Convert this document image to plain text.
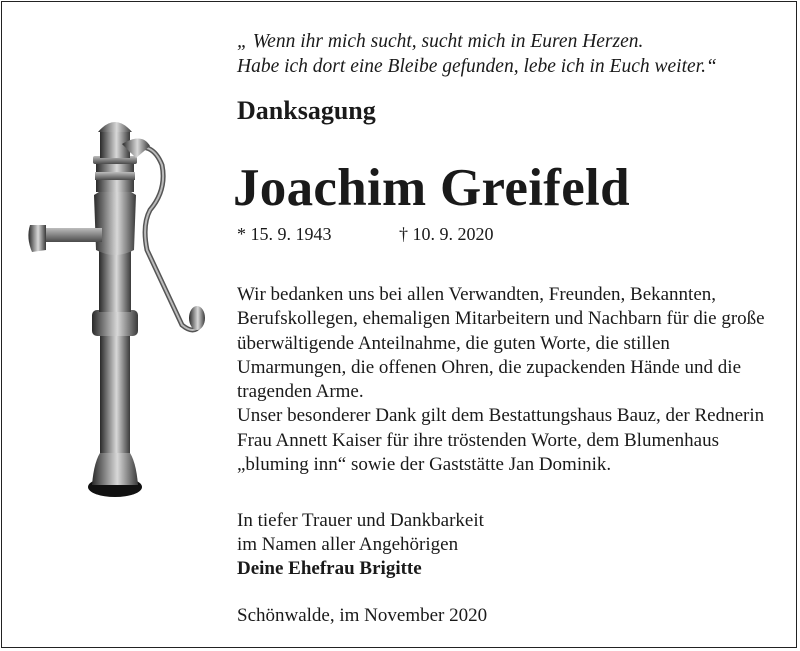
„ Wenn ihr mich sucht, sucht mich in Euren Herzen.
Habe ich dort eine Bleibe gefunden, lebe ich in Euch weiter.“

Danksagung
Joachim Greifeld
* 15. 9. 1943	† 10. 9. 2020

Wir bedanken uns bei allen Verwandten, Freunden, Bekannten, Berufskollegen, ehemaligen Mitarbeitern und Nachbarn für die große überwältigende Anteilnahme, die guten Worte, die stillen Umarmungen, die offenen Ohren, die zupackenden Hände und die tragenden Arme.

Unser besonderer Dank gilt dem Bestattungshaus Bauz, der Rednerin Frau Annett Kaiser für ihre tröstenden Worte, dem Blumenhaus „bluming inn“ sowie der Gaststätte Jan Dominik.

In tiefer Trauer und Dankbarkeit
im Namen aller Angehörigen
Deine Ehefrau Brigitte
Schönwalde, im November 2020
